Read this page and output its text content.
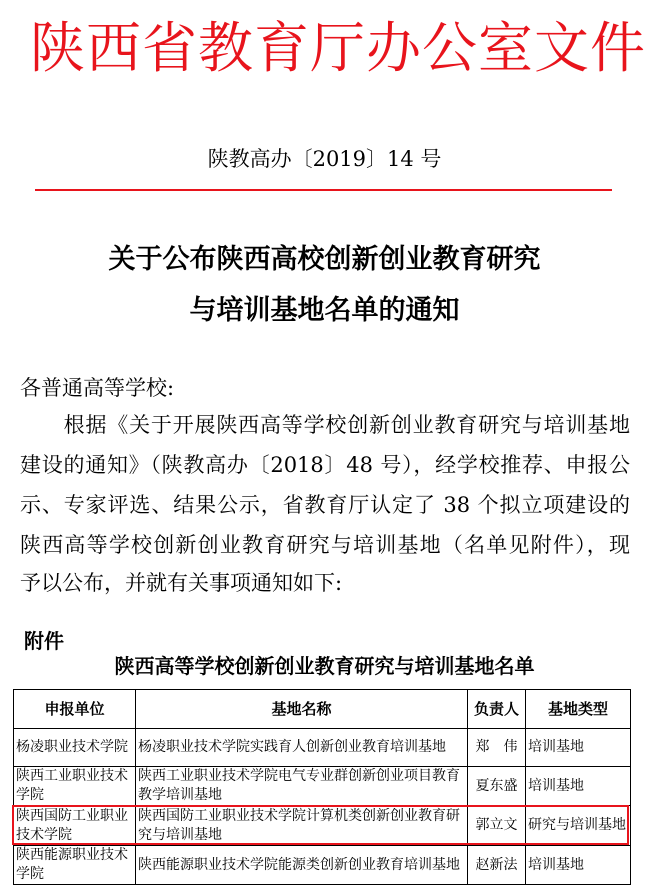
陕西省教育厅办公室文件
陕教高办〔2019〕14 号
关于公布陕西高校创新创业教育研究
与培训基地名单的通知
各普通高等学校:
　　根据《关于开展陕西高等学校创新创业教育研究与培训基地
建设的通知》（陕教高办〔2018〕48 号），经学校推荐、申报公
示、专家评选、结果公示，省教育厅认定了 38 个拟立项建设的
陕西高等学校创新创业教育研究与培训基地（名单见附件），现
予以公布，并就有关事项通知如下:
附件
陕西高等学校创新创业教育研究与培训基地名单
申报单位	基地名称	负责人	基地类型
杨凌职业技术学院	杨凌职业技术学院实践育人创新创业教育培训基地	郑　伟	培训基地
陕西工业职业技术学院	陕西工业职业技术学院电气专业群创新创业项目教育教学培训基地	夏东盛	培训基地
陕西国防工业职业技术学院	陕西国防工业职业技术学院计算机类创新创业教育研究与培训基地	郭立文	研究与培训基地
陕西能源职业技术学院	陕西能源职业技术学院能源类创新创业教育培训基地	赵新法	培训基地
